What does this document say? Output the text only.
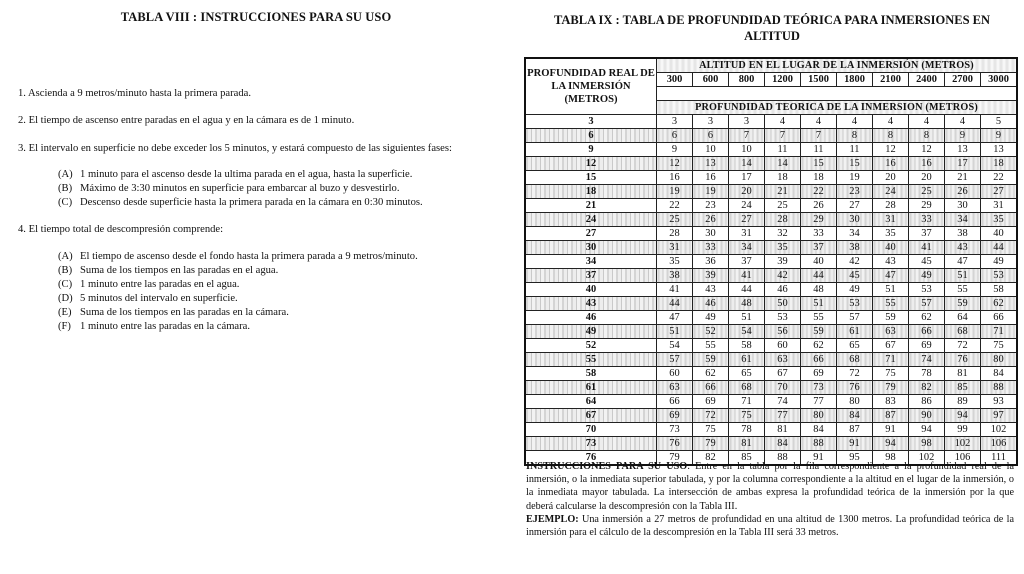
TABLA VIII : INSTRUCCIONES PARA SU USO
1. Ascienda a 9 metros/minuto hasta la primera parada.
2. El tiempo de ascenso entre paradas en el agua y en la cámara es de 1 minuto.
3. El intervalo en superficie no debe exceder los 5 minutos, y estará compuesto de las siguientes fases:
(A) 1 minuto para el ascenso desde la ultima parada en el agua, hasta la superficie.
(B) Máximo de 3:30 minutos en superficie para embarcar al buzo y desvestirlo.
(C) Descenso desde superficie hasta la primera parada en la cámara en 0:30 minutos.
4. El tiempo total de descompresión comprende:
(A) El tiempo de ascenso desde el fondo hasta la primera parada a 9 metros/minuto.
(B) Suma de los tiempos en las paradas en el agua.
(C) 1 minuto entre las paradas en el agua.
(D) 5 minutos del intervalo en superficie.
(E) Suma de los tiempos en las paradas en la cámara.
(F) 1 minuto entre las paradas en la cámara.
TABLA IX : TABLA DE PROFUNDIDAD TEÓRICA PARA INMERSIONES EN
ALTITUD
PROFUNDIDAD REAL DE LA INMERSIÓN (METROS)	ALTITUD EN EL LUGAR DE LA INMERSIÓN (METROS)									
	300	600	800	1200	1500	1800	2100	2400	2700	3000

	PROFUNDIDAD TEORICA DE LA INMERSION (METROS)									
3	3	3	3	4	4	4	4	4	4	5
6	6	6	7	7	7	8	8	8	9	9
9	9	10	10	11	11	11	12	12	13	13
12	12	13	14	14	15	15	16	16	17	18
15	16	16	17	18	18	19	20	20	21	22
18	19	19	20	21	22	23	24	25	26	27
21	22	23	24	25	26	27	28	29	30	31
24	25	26	27	28	29	30	31	33	34	35
27	28	30	31	32	33	34	35	37	38	40
30	31	33	34	35	37	38	40	41	43	44
34	35	36	37	39	40	42	43	45	47	49
37	38	39	41	42	44	45	47	49	51	53
40	41	43	44	46	48	49	51	53	55	58
43	44	46	48	50	51	53	55	57	59	62
46	47	49	51	53	55	57	59	62	64	66
49	51	52	54	56	59	61	63	66	68	71
52	54	55	58	60	62	65	67	69	72	75
55	57	59	61	63	66	68	71	74	76	80
58	60	62	65	67	69	72	75	78	81	84
61	63	66	68	70	73	76	79	82	85	88
64	66	69	71	74	77	80	83	86	89	93
67	69	72	75	77	80	84	87	90	94	97
70	73	75	78	81	84	87	91	94	99	102
73	76	79	81	84	88	91	94	98	102	106
76	79	82	85	88	91	95	98	102	106	111
INSTRUCCIONES PARA SU USO: Entre en la tabla por la fila correspondiente a la profundidad real de la inmersión, o la inmediata superior tabulada, y por la columna correspondiente a la altitud en el lugar de la inmersión, o la inmediata mayor tabulada. La intersección de ambas expresa la profundidad teórica de la inmersión por la que deberá calcularse la descompresión con la Tabla III.
EJEMPLO: Una inmersión a 27 metros de profundidad en una altitud de 1300 metros. La profundidad teórica de la inmersión para el cálculo de la descompresión en la Tabla III será 33 metros.
